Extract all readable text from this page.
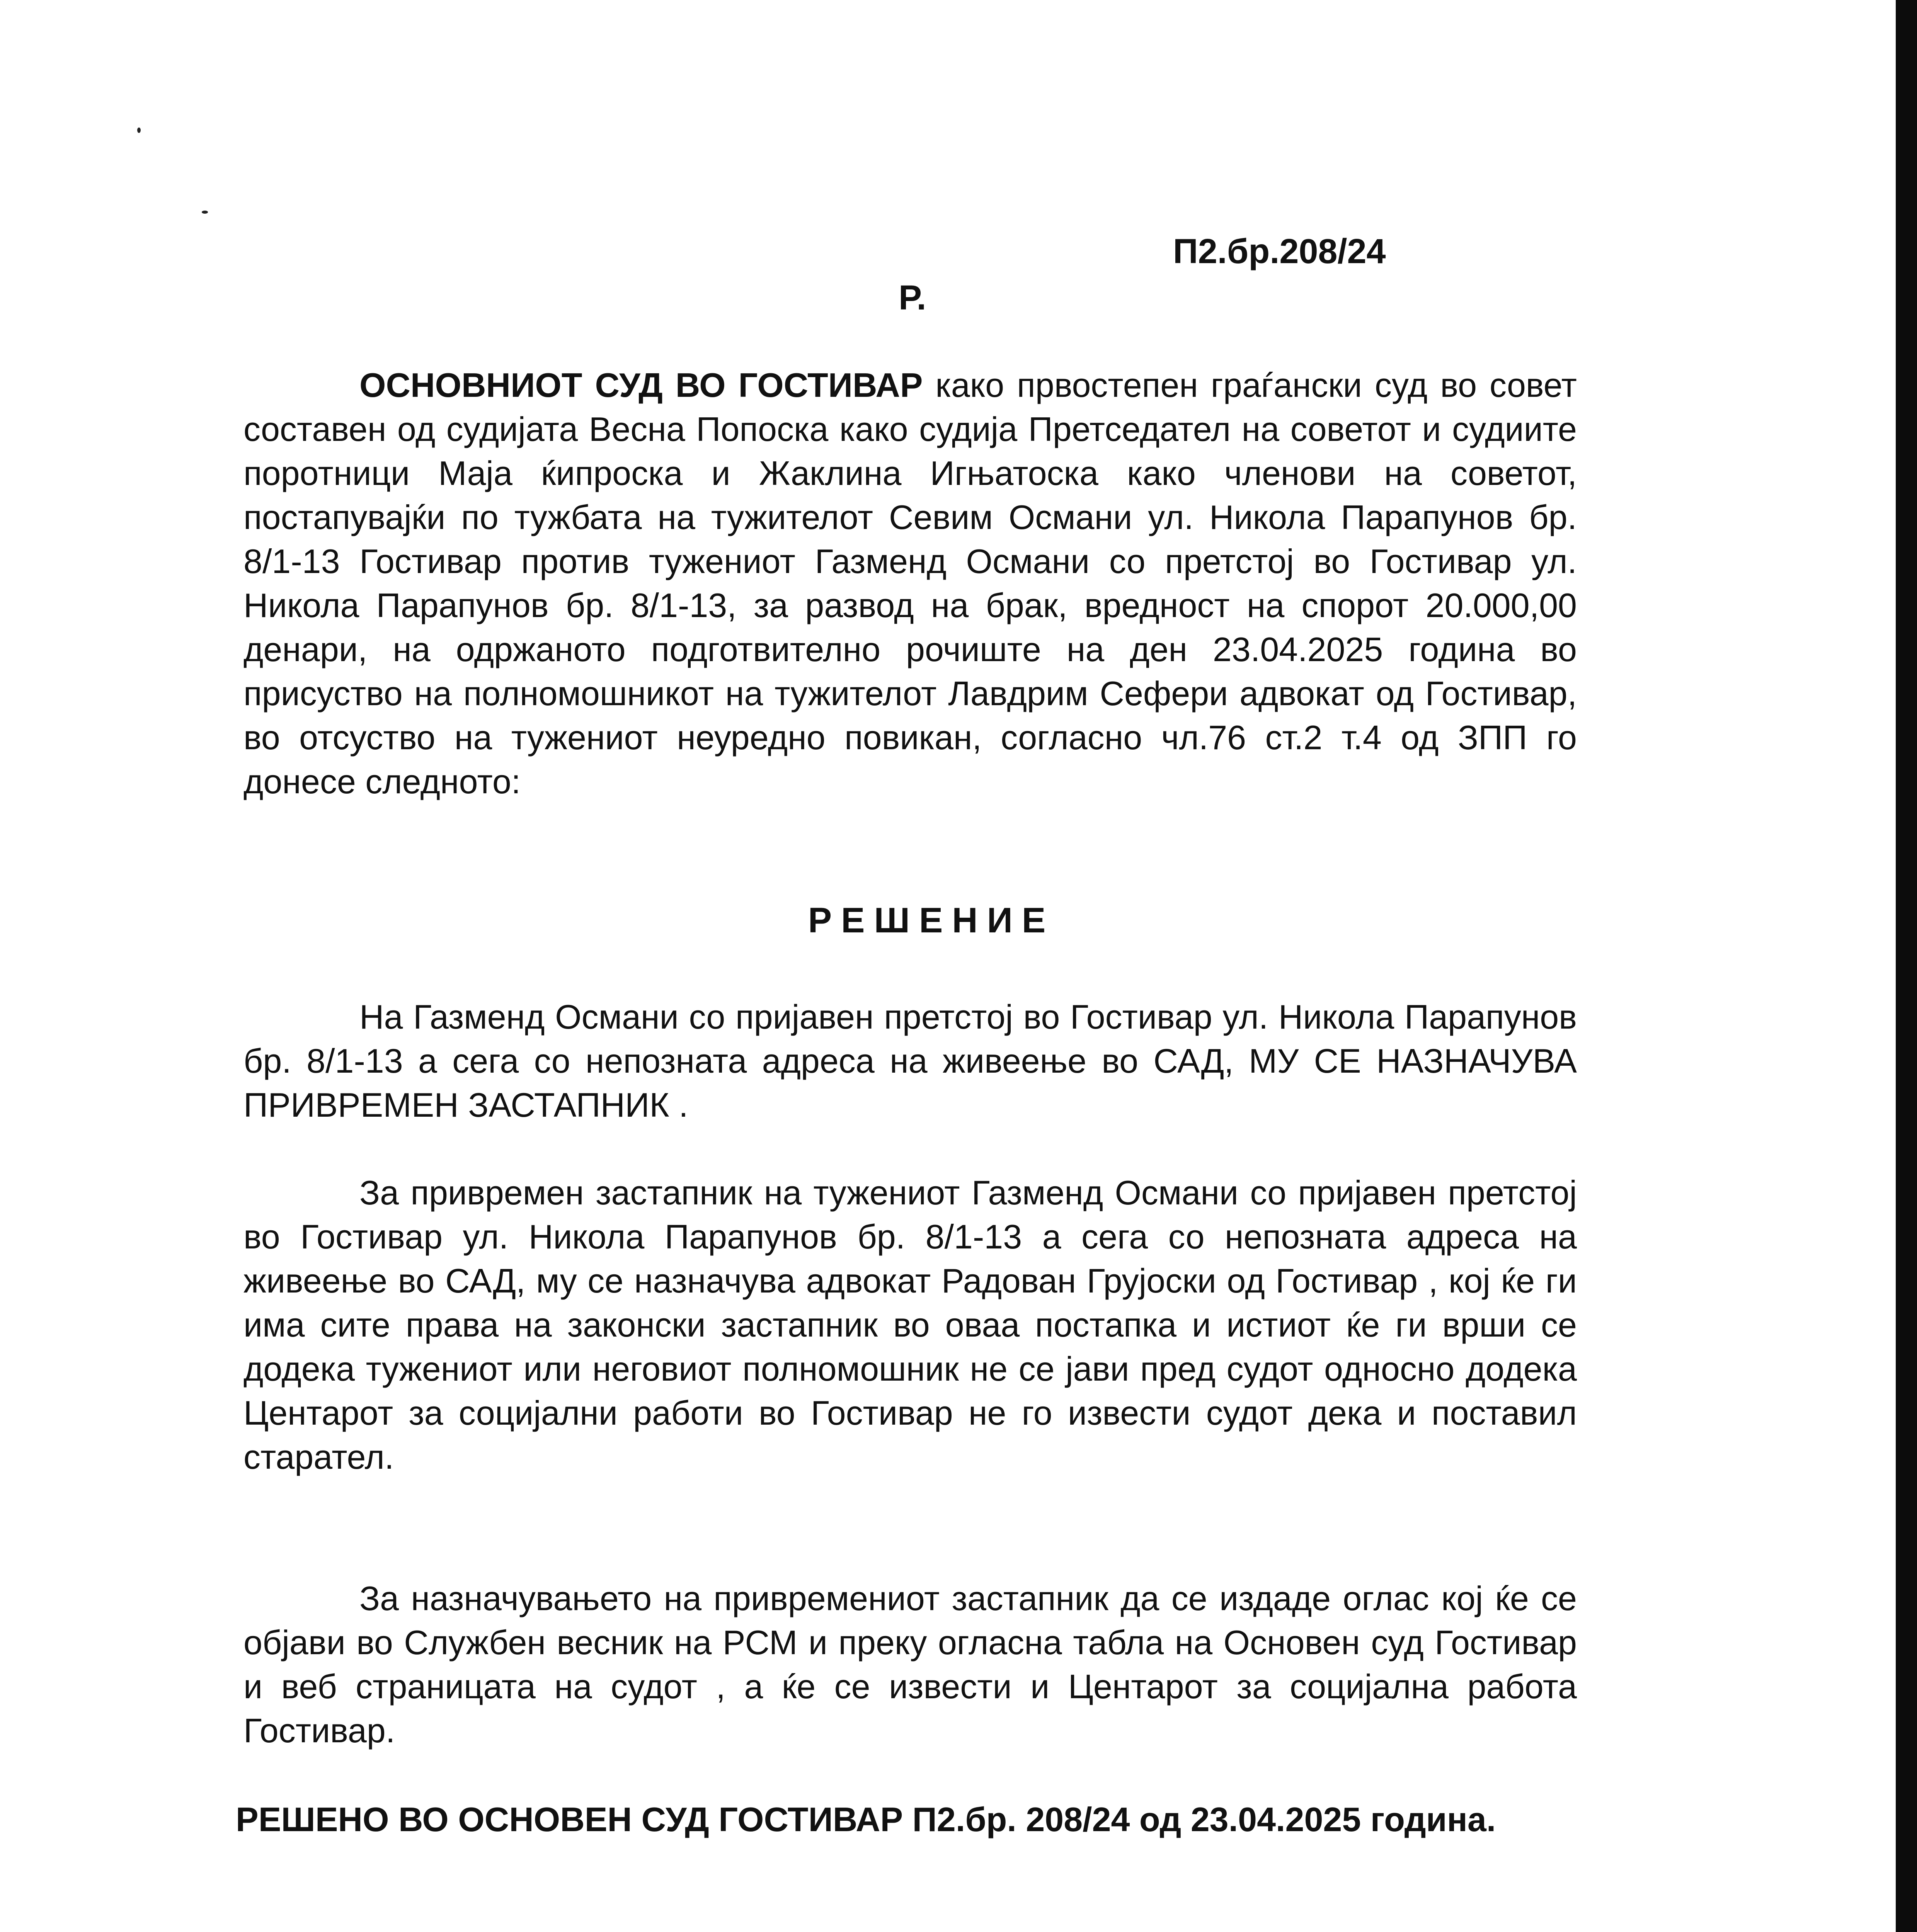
П2.бр.208/24
Р.

ОСНОВНИОТ СУД ВО ГОСТИВАР како првостепен граѓански суд во совет составен од судијата Весна Попоска како судија Претседател на советот и судиите поротници Маја ќипроска и Жаклина Игњатоска како членови на советот, постапувајќи по тужбата на тужителот Севим Османи ул. Никола Парапунов бр. 8/1-13 Гостивар против тужениот Газменд Османи со претстој во Гостивар ул. Никола Парапунов бр. 8/1-13, за развод на брак, вредност на спорот 20.000,00 денари, на одржаното подготвително рочиште на ден 23.04.2025 година во присуство на полномошникот на тужителот Лавдрим Сефери адвокат од Гостивар, во отсуство на тужениот неуредно повикан, согласно чл.76 ст.2 т.4 од ЗПП го донесе следното:

РЕШЕНИЕ

На Газменд Османи со пријавен претстој во Гостивар ул. Никола Парапунов бр. 8/1-13 а сега со непозната адреса на живеење во САД, МУ СЕ НАЗНАЧУВА ПРИВРЕМЕН ЗАСТАПНИК .

За привремен застапник на тужениот Газменд Османи со пријавен претстој во Гостивар ул. Никола Парапунов бр. 8/1-13 а сега со непозната адреса на живеење во САД, му се назначува адвокат Радован Грујоски од Гостивар , кој ќе ги има сите права на законски застапник во оваа постапка и истиот ќе ги врши се додека тужениот или неговиот полномошник не се јави пред судот односно додека Центарот за социјални работи во Гостивар не го извести судот дека и поставил старател.

За назначувањето на привремениот застапник да се издаде оглас кој ќе се објави во Службен весник на РСМ и преку огласна табла на Основен суд Гостивар и веб страницата на судот , а ќе се извести и Центарот за социјална работа Гостивар.

РЕШЕНО ВО ОСНОВЕН СУД ГОСТИВАР П2.бр. 208/24 од 23.04.2025 година.
